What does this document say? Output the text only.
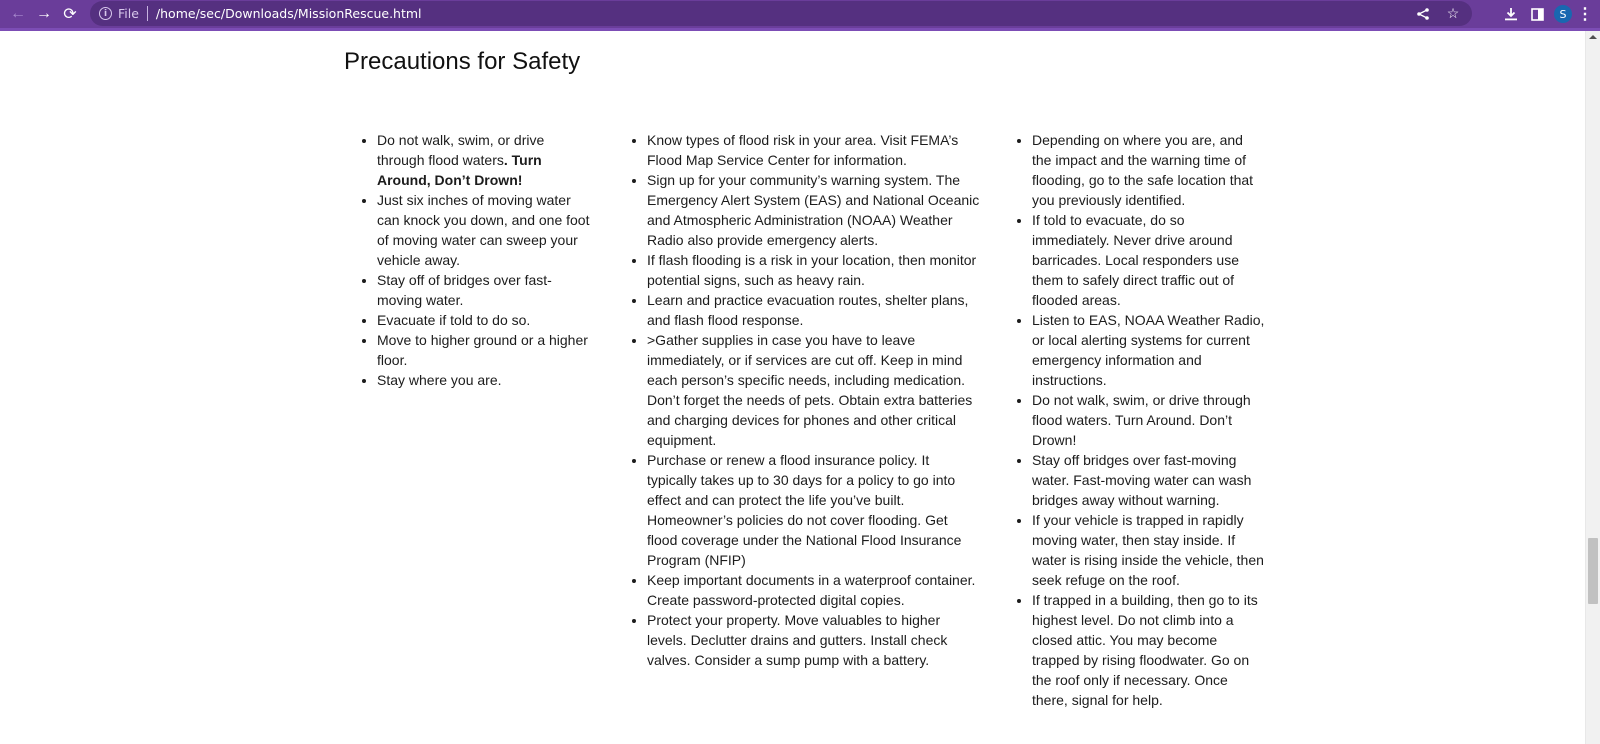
← → ⟳	i File /home/sec/Downloads/MissionRescue.html	☆	S ⋮
Precautions for Safety
• Do not walk, swim, or drive through flood waters. Turn Around, Don’t Drown!
• Just six inches of moving water can knock you down, and one foot of moving water can sweep your vehicle away.
• Stay off of bridges over fast-moving water.
• Evacuate if told to do so.
• Move to higher ground or a higher floor.
• Stay where you are.
• Know types of flood risk in your area. Visit FEMA’s Flood Map Service Center for information.
• Sign up for your community’s warning system. The Emergency Alert System (EAS) and National Oceanic and Atmospheric Administration (NOAA) Weather Radio also provide emergency alerts.
• If flash flooding is a risk in your location, then monitor potential signs, such as heavy rain.
• Learn and practice evacuation routes, shelter plans, and flash flood response.
• >Gather supplies in case you have to leave immediately, or if services are cut off. Keep in mind each person’s specific needs, including medication. Don’t forget the needs of pets. Obtain extra batteries and charging devices for phones and other critical equipment.
• Purchase or renew a flood insurance policy. It typically takes up to 30 days for a policy to go into effect and can protect the life you’ve built. Homeowner’s policies do not cover flooding. Get flood coverage under the National Flood Insurance Program (NFIP)
• Keep important documents in a waterproof container. Create password-protected digital copies.
• Protect your property. Move valuables to higher levels. Declutter drains and gutters. Install check valves. Consider a sump pump with a battery.
• Depending on where you are, and the impact and the warning time of flooding, go to the safe location that you previously identified.
• If told to evacuate, do so immediately. Never drive around barricades. Local responders use them to safely direct traffic out of flooded areas.
• Listen to EAS, NOAA Weather Radio, or local alerting systems for current emergency information and instructions.
• Do not walk, swim, or drive through flood waters. Turn Around. Don’t Drown!
• Stay off bridges over fast-moving water. Fast-moving water can wash bridges away without warning.
• If your vehicle is trapped in rapidly moving water, then stay inside. If water is rising inside the vehicle, then seek refuge on the roof.
• If trapped in a building, then go to its highest level. Do not climb into a closed attic. You may become trapped by rising floodwater. Go on the roof only if necessary. Once there, signal for help.
